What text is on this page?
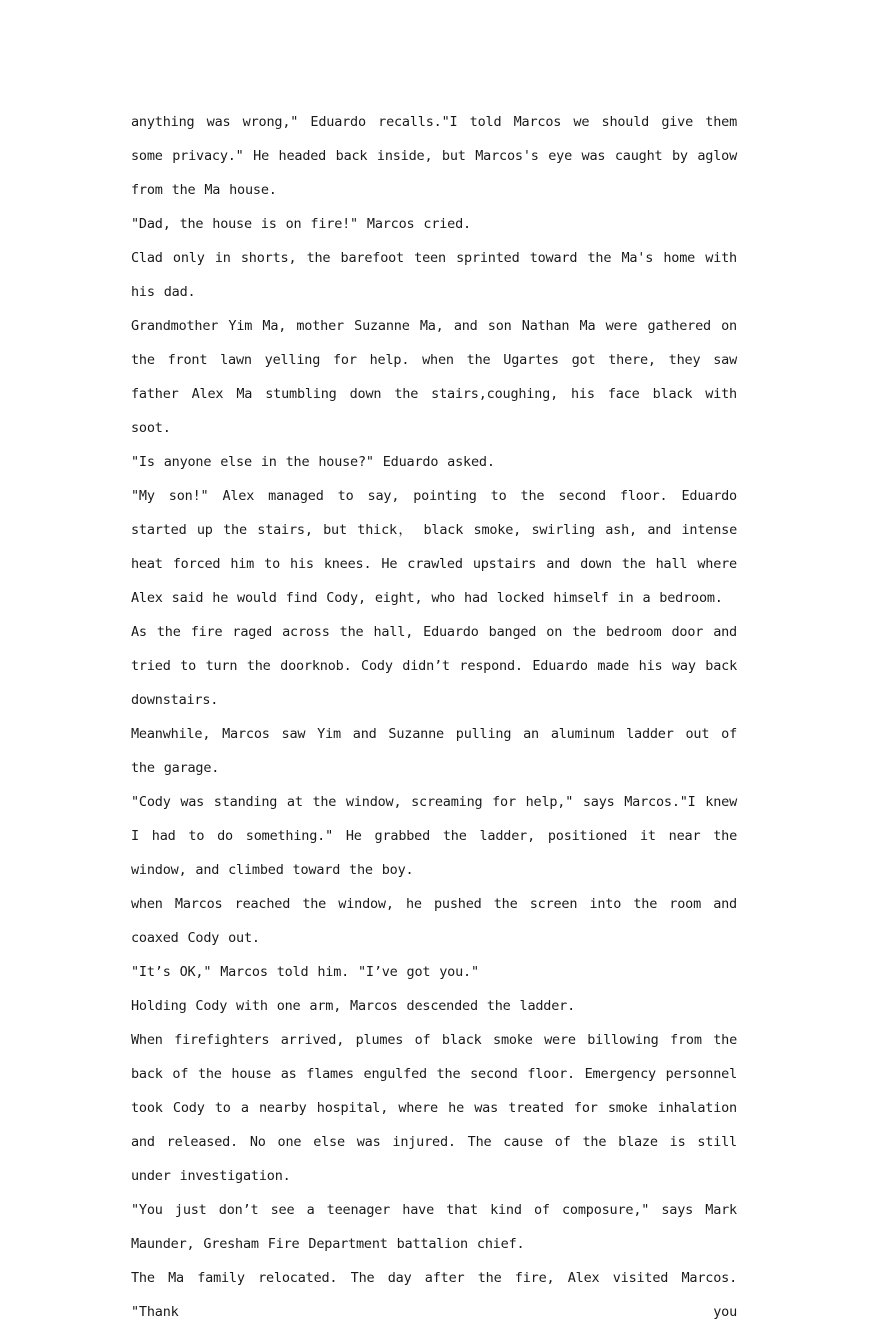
anything was wrong," Eduardo recalls."I told Marcos we should give them some privacy." He headed back inside, but Marcos's eye was caught by aglow from the Ma house.

"Dad, the house is on fire!" Marcos cried.

Clad only in shorts, the barefoot teen sprinted toward the Ma's home with his dad.

Grandmother Yim Ma, mother Suzanne Ma, and son Nathan Ma were gathered on the front lawn yelling for help. when the Ugartes got there, they saw father Alex Ma stumbling down the stairs,coughing, his face black with soot.

"Is anyone else in the house?" Eduardo asked.

"My son!" Alex managed to say, pointing to the second floor. Eduardo started up the stairs, but thick， black smoke, swirling ash, and intense heat forced him to his knees. He crawled upstairs and down the hall where Alex said he would find Cody, eight, who had locked himself in a bedroom.

As the fire raged across the hall, Eduardo banged on the bedroom door and tried to turn the doorknob. Cody didn’t respond. Eduardo made his way back downstairs.

Meanwhile, Marcos saw Yim and Suzanne pulling an aluminum ladder out of the garage.

"Cody was standing at the window, screaming for help," says Marcos."I knew I had to do something." He grabbed the ladder, positioned it near the window, and climbed toward the boy.

when Marcos reached the window, he pushed the screen into the room and coaxed Cody out.

"It’s OK," Marcos told him. "I’ve got you."

Holding Cody with one arm, Marcos descended the ladder.

When firefighters arrived, plumes of black smoke were billowing from the back of the house as flames engulfed the second floor. Emergency personnel took Cody to a nearby hospital, where he was treated for smoke inhalation and released. No one else was injured. The cause of the blaze is still under investigation.

"You just don’t see a teenager have that kind of composure," says Mark Maunder, Gresham Fire Department battalion chief.

The Ma family relocated. The day after the fire, Alex visited Marcos. "Thank you
